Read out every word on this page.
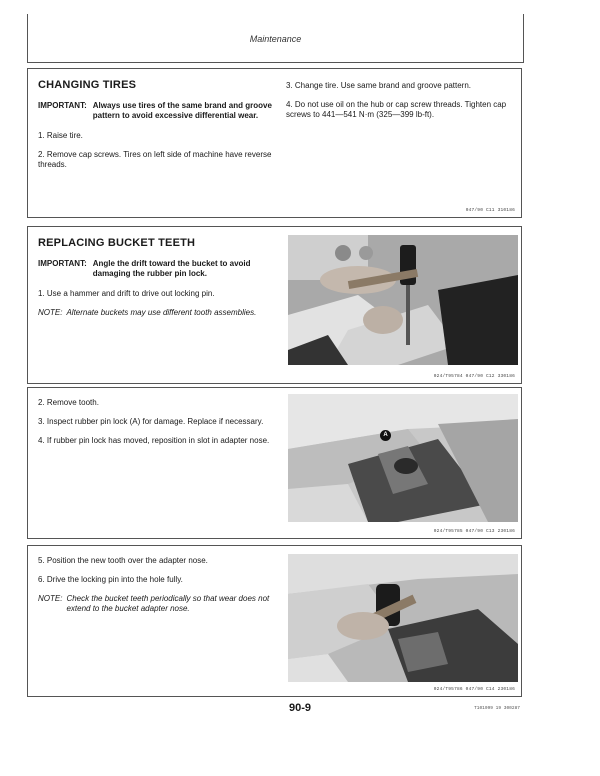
Maintenance
CHANGING TIRES
IMPORTANT: Always use tires of the same brand and groove pattern to avoid excessive differential wear.
1. Raise tire.
2. Remove cap screws. Tires on left side of machine have reverse threads.
3. Change tire. Use same brand and groove pattern.
4. Do not use oil on the hub or cap screw threads. Tighten cap screws to 441—541 N·m (325—399 lb-ft).
047/90 C11 310186
REPLACING BUCKET TEETH
IMPORTANT: Angle the drift toward the bucket to avoid damaging the rubber pin lock.
1. Use a hammer and drift to drive out locking pin.
NOTE: Alternate buckets may use different tooth assemblies.
024/T95784 047/90 C12 330186
2. Remove tooth.
3. Inspect rubber pin lock (A) for damage. Replace if necessary.
4. If rubber pin lock has moved, reposition in slot in adapter nose.
A
024/T95785 047/90 C13 230186
5. Position the new tooth over the adapter nose.
6. Drive the locking pin into the hole fully.
NOTE: Check the bucket teeth periodically so that wear does not extend to the bucket adapter nose.
024/T95786 047/90 C14 230186
90-9	T101099 19 300287
